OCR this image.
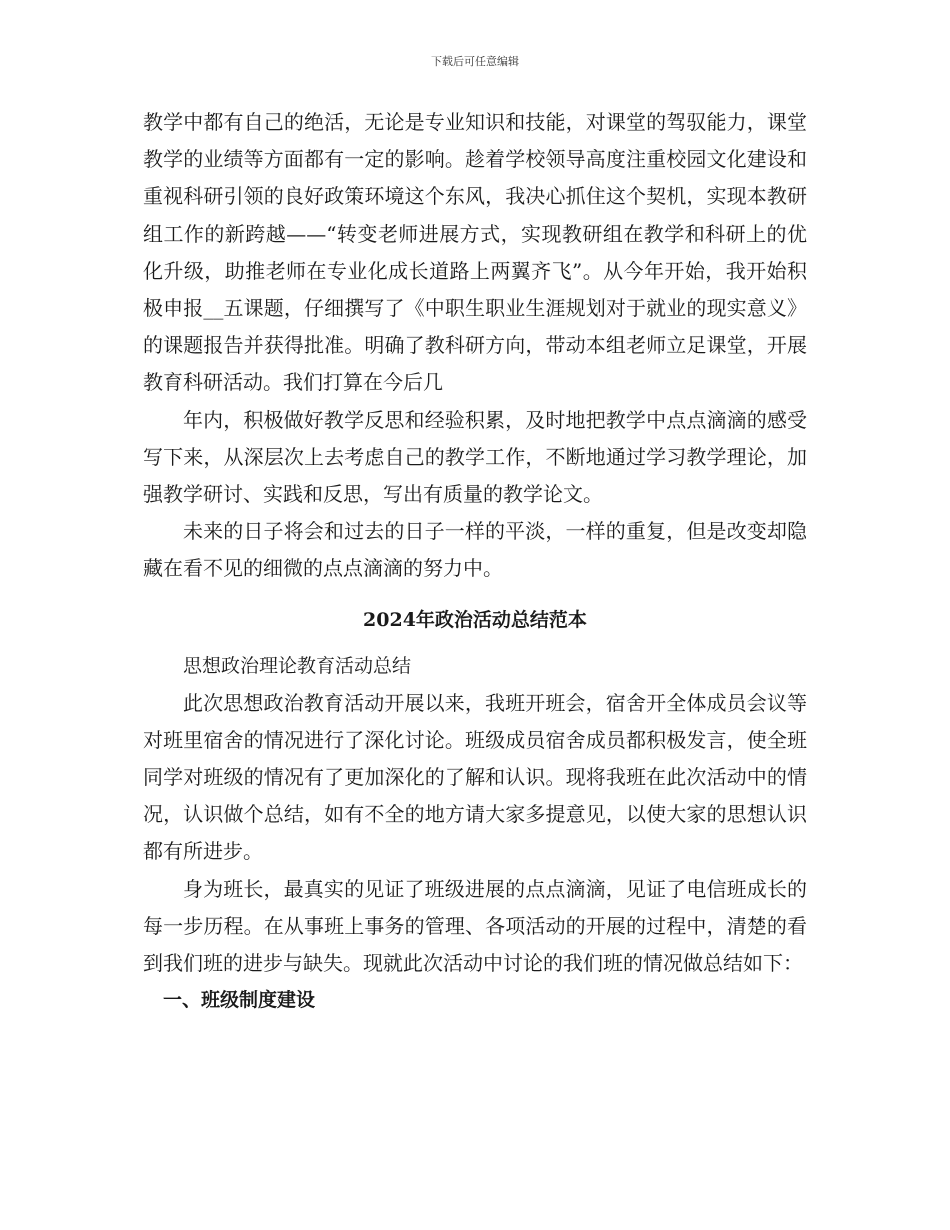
下载后可任意编辑

教学中都有自己的绝活，无论是专业知识和技能，对课堂的驾驭能力，课堂教学的业绩等方面都有一定的影响。趁着学校领导高度注重校园文化建设和重视科研引领的良好政策环境这个东风，我决心抓住这个契机，实现本教研组工作的新跨越——“转变老师进展方式，实现教研组在教学和科研上的优化升级，助推老师在专业化成长道路上两翼齐飞”。从今年开始，我开始积极申报__五课题，仔细撰写了《中职生职业生涯规划对于就业的现实意义》的课题报告并获得批准。明确了教科研方向，带动本组老师立足课堂，开展教育科研活动。我们打算在今后几

年内，积极做好教学反思和经验积累，及时地把教学中点点滴滴的感受写下来，从深层次上去考虑自己的教学工作，不断地通过学习教学理论，加强教学研讨、实践和反思，写出有质量的教学论文。

未来的日子将会和过去的日子一样的平淡，一样的重复，但是改变却隐藏在看不见的细微的点点滴滴的努力中。

2024年政治活动总结范本

思想政治理论教育活动总结

此次思想政治教育活动开展以来，我班开班会，宿舍开全体成员会议等对班里宿舍的情况进行了深化讨论。班级成员宿舍成员都积极发言，使全班同学对班级的情况有了更加深化的了解和认识。现将我班在此次活动中的情况，认识做个总结，如有不全的地方请大家多提意见，以使大家的思想认识都有所进步。

身为班长，最真实的见证了班级进展的点点滴滴，见证了电信班成长的每一步历程。在从事班上事务的管理、各项活动的开展的过程中，清楚的看到我们班的进步与缺失。现就此次活动中讨论的我们班的情况做总结如下：

一、班级制度建设
